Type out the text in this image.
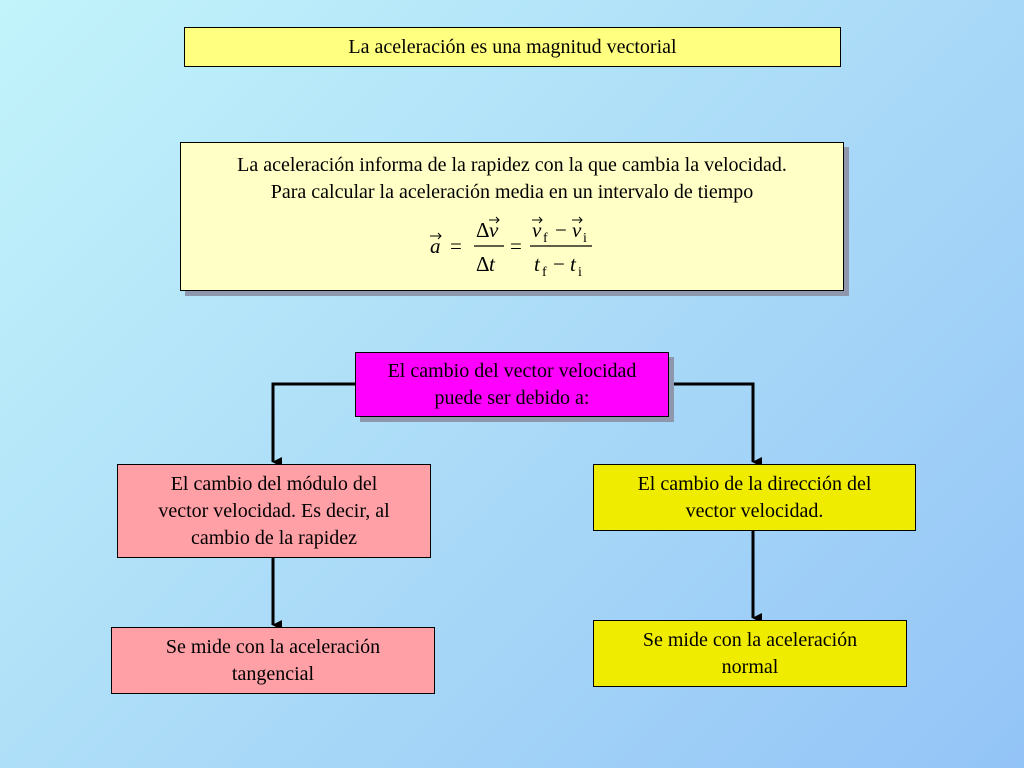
La aceleración es una magnitud vectorial
La aceleración informa de la rapidez con la que cambia la velocidad.
Para calcular la aceleración media en un intervalo de tiempo
a =
Δ v
Δ t
=
v f − v i
t f − t i
El cambio del vector velocidad
puede ser debido a:
El cambio del módulo del
vector velocidad. Es decir, al
cambio de la rapidez
El cambio de la dirección del
vector velocidad.
Se mide con la aceleración
tangencial
Se mide con la aceleración
normal
